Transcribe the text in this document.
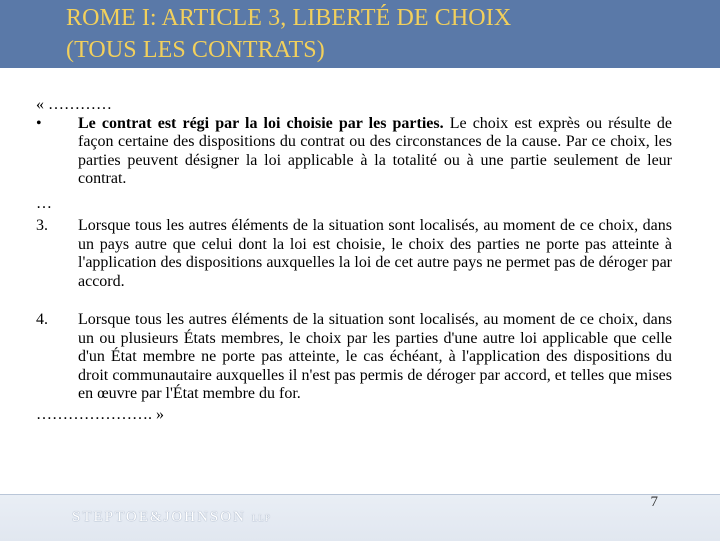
ROME I: ARTICLE 3, LIBERTÉ DE CHOIX
(TOUS LES CONTRATS)
« …………
•	Le contrat est régi par la loi choisie par les parties. Le choix est exprès ou résulte de façon certaine des dispositions du contrat ou des circonstances de la cause. Par ce choix, les parties peuvent désigner la loi applicable à la totalité ou à une partie seulement de leur contrat.
…
3.	Lorsque tous les autres éléments de la situation sont localisés, au moment de ce choix, dans un pays autre que celui dont la loi est choisie, le choix des parties ne porte pas atteinte à l'application des dispositions auxquelles la loi de cet autre pays ne permet pas de déroger par accord.
4.	Lorsque tous les autres éléments de la situation sont localisés, au moment de ce choix, dans un ou plusieurs États membres, le choix par les parties d'une autre loi applicable que celle d'un État membre ne porte pas atteinte, le cas échéant, à l'application des dispositions du droit communautaire auxquelles il n'est pas permis de déroger par accord, et telles que mises en œuvre par l'État membre du for.
…………………. »
STEPTOE&JOHNSON LLP
7
